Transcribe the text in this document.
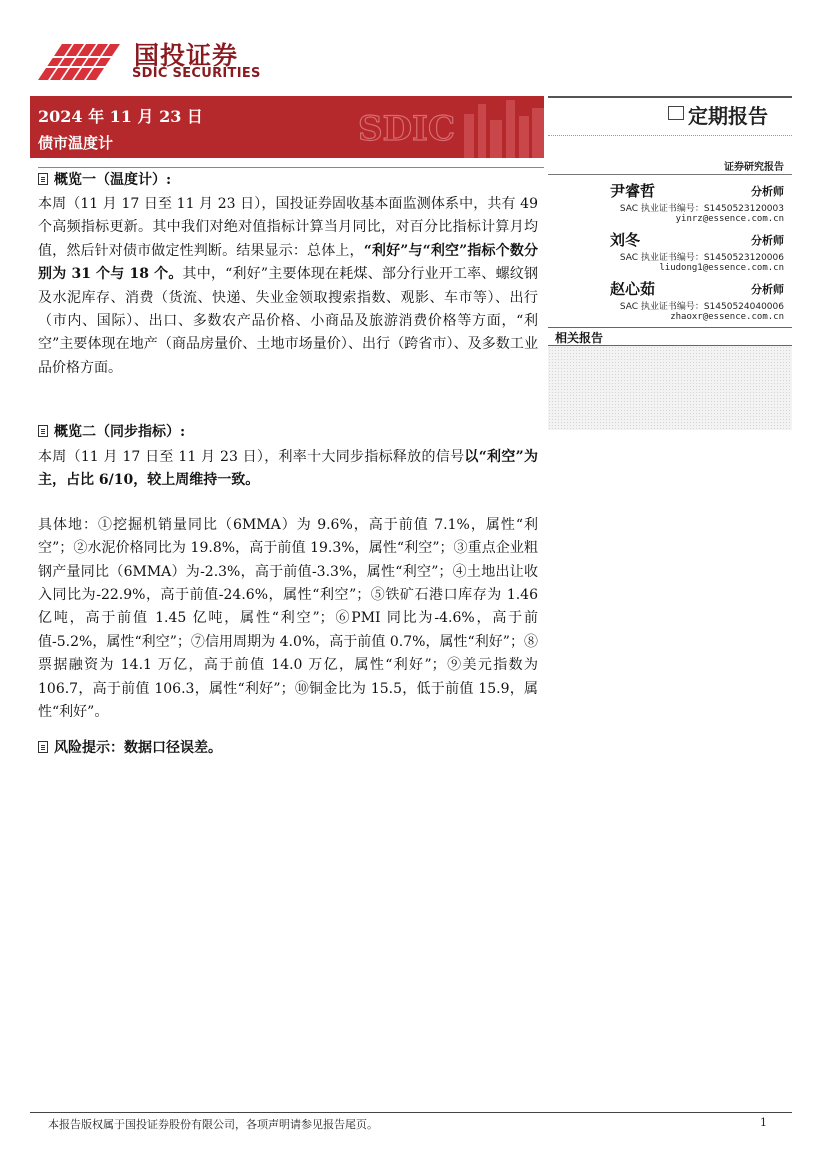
国投证券
SDIC SECURITIES
SDIC
2024 年 11 月 23 日
债市温度计
定期报告
证券研究报告
尹睿哲	分析师
SAC 执业证书编号：S1450523120003
yinrz@essence.com.cn
刘冬	分析师
SAC 执业证书编号：S1450523120006
liudong1@essence.com.cn
赵心茹	分析师
SAC 执业证书编号：S1450524040006
zhaoxr@essence.com.cn
相关报告
概览一（温度计）:

本周（11 月 17 日至 11 月 23 日），国投证券固收基本面监测体系中，共有 49 个高频指标更新。其中我们对绝对值指标计算当月同比，对百分比指标计算月均值，然后针对债市做定性判断。结果显示：总体上，“利好”与“利空”指标个数分别为 31 个与 18 个。其中，“利好”主要体现在耗煤、部分行业开工率、螺纹钢及水泥库存、消费（货流、快递、失业金领取搜索指数、观影、车市等）、出行（市内、国际）、出口、多数农产品价格、小商品及旅游消费价格等方面，“利空”主要体现在地产（商品房量价、土地市场量价）、出行（跨省市）、及多数工业品价格方面。

概览二（同步指标）:

本周（11 月 17 日至 11 月 23 日），利率十大同步指标释放的信号以“利空”为主，占比 6/10，较上周维持一致。

具体地：①挖掘机销量同比（6MMA）为 9.6%，高于前值 7.1%，属性“利空”；②水泥价格同比为 19.8%，高于前值 19.3%，属性“利空”；③重点企业粗钢产量同比（6MMA）为-2.3%，高于前值-3.3%，属性“利空”；④土地出让收入同比为-22.9%，高于前值-24.6%，属性“利空”；⑤铁矿石港口库存为 1.46 亿吨，高于前值 1.45 亿吨，属性“利空”；⑥PMI 同比为-4.6%，高于前值-5.2%，属性“利空”；⑦信用周期为 4.0%，高于前值 0.7%，属性“利好”；⑧票据融资为 14.1 万亿，高于前值 14.0 万亿，属性“利好”；⑨美元指数为 106.7，高于前值 106.3，属性“利好”；⑩铜金比为 15.5，低于前值 15.9，属性“利好”。

风险提示：数据口径误差。
本报告版权属于国投证券股份有限公司，各项声明请参见报告尾页。	1
